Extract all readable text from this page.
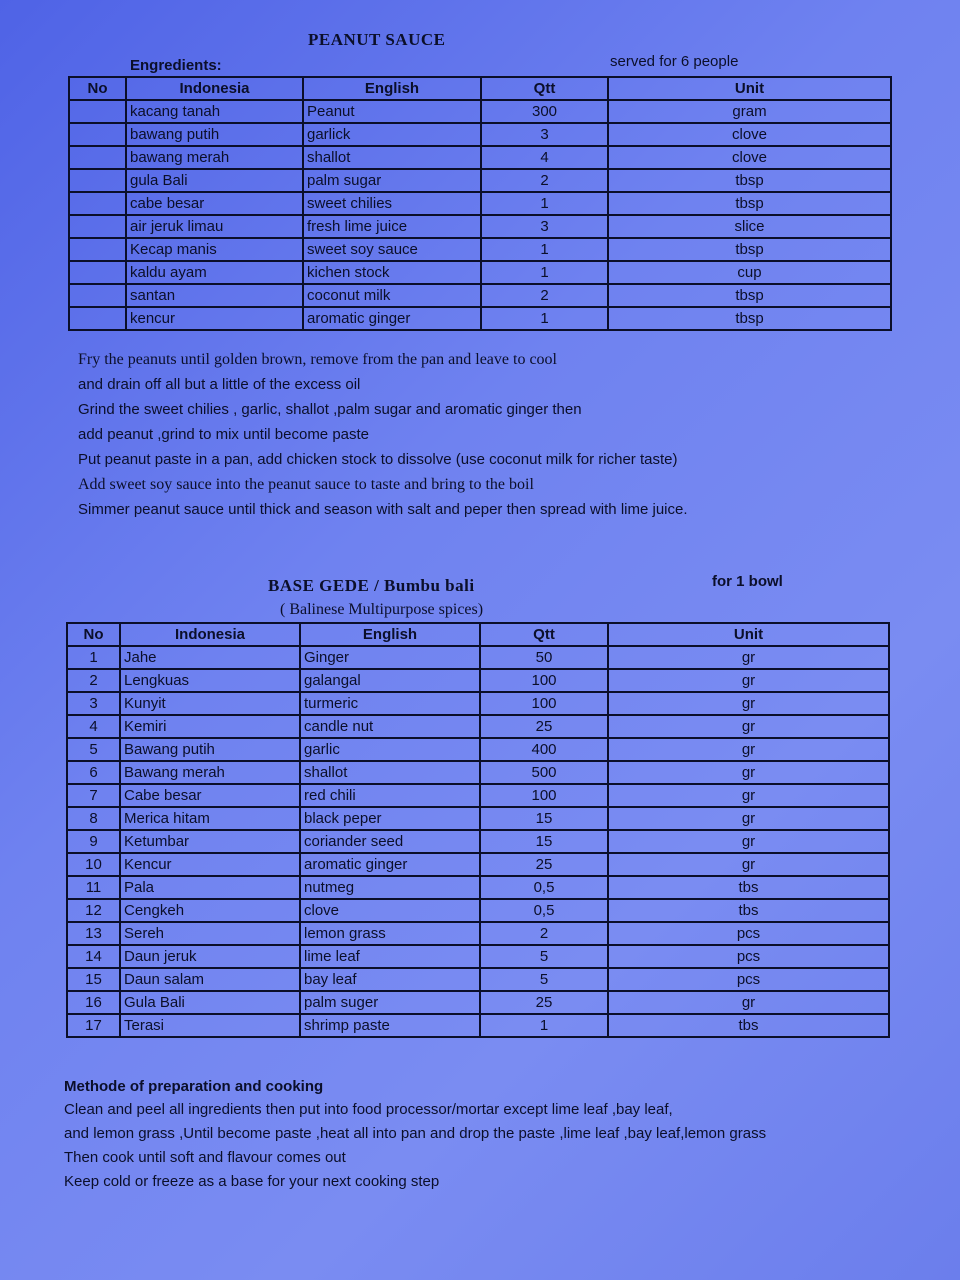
PEANUT SAUCE
Engredients:	served for 6 people
No	Indonesia	English	Qtt	Unit
	kacang tanah	Peanut	300	gram
	bawang putih	garlick	3	clove
	bawang merah	shallot	4	clove
	gula Bali	palm sugar	2	tbsp
	cabe besar	sweet chilies	1	tbsp
	air jeruk limau	fresh lime juice	3	slice
	Kecap manis	sweet soy sauce	1	tbsp
	kaldu ayam	kichen stock	1	cup
	santan	coconut milk	2	tbsp
	kencur	aromatic ginger	1	tbsp
Fry the peanuts until golden brown, remove from the pan and leave to cool
and drain off all but a little of the excess oil
Grind the sweet chilies , garlic, shallot ,palm sugar and aromatic ginger then
add peanut ,grind to mix until become paste
Put peanut paste in a pan, add chicken stock to dissolve (use coconut milk for richer taste)
Add sweet soy sauce into the peanut sauce to taste and bring to the boil
Simmer peanut sauce until thick and season with salt and peper then spread with lime juice.
BASE GEDE / Bumbu bali	for 1 bowl
( Balinese Multipurpose spices)
No	Indonesia	English	Qtt	Unit
1	Jahe	Ginger	50	gr
2	Lengkuas	galangal	100	gr
3	Kunyit	turmeric	100	gr
4	Kemiri	candle nut	25	gr
5	Bawang putih	garlic	400	gr
6	Bawang merah	shallot	500	gr
7	Cabe besar	red chili	100	gr
8	Merica hitam	black peper	15	gr
9	Ketumbar	coriander seed	15	gr
10	Kencur	aromatic ginger	25	gr
11	Pala	nutmeg	0,5	tbs
12	Cengkeh	clove	0,5	tbs
13	Sereh	lemon grass	2	pcs
14	Daun jeruk	lime leaf	5	pcs
15	Daun salam	bay leaf	5	pcs
16	Gula Bali	palm suger	25	gr
17	Terasi	shrimp paste	1	tbs
Methode of preparation and cooking
Clean and peel all ingredients then put into food processor/mortar except lime leaf ,bay leaf,
and lemon grass ,Until become paste ,heat all into pan and drop the paste ,lime leaf ,bay leaf,lemon grass
Then cook until soft and flavour comes out
Keep cold or freeze as a base for your next cooking step
